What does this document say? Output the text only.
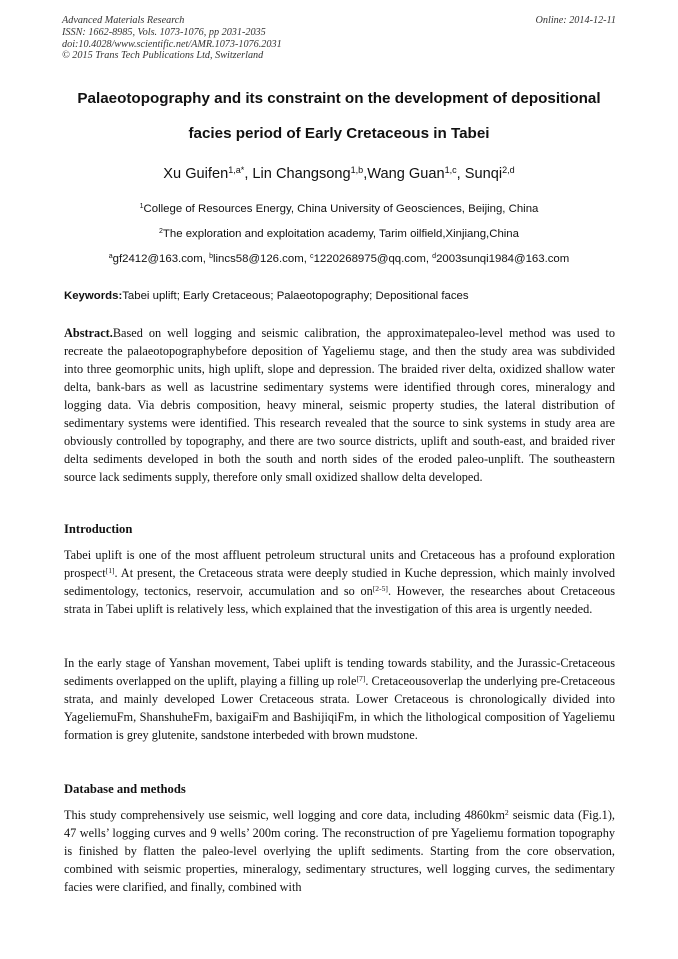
Advanced Materials Research
ISSN: 1662-8985, Vols. 1073-1076, pp 2031-2035
doi:10.4028/www.scientific.net/AMR.1073-1076.2031
© 2015 Trans Tech Publications Ltd, Switzerland
Online: 2014-12-11
Palaeotopography and its constraint on the development of depositional
facies period of Early Cretaceous in Tabei
Xu Guifen$^{1,a*}$, Lin Changsong$^{1,b}$,Wang Guan$^{1,c}$, Sunqi$^{2,d}$
$^1$College of Resources Energy, China University of Geosciences, Beijing, China
$^2$The exploration and exploitation academy, Tarim oilfield,Xinjiang,China
$^a$gf2412@163.com, $^b$lincs58@126.com, $^c$1220268975@qq.com, $^d$2003sunqi1984@163.com
Keywords:Tabei uplift; Early Cretaceous; Palaeotopography; Depositional faces
Abstract.Based on well logging and seismic calibration, the approximatepaleo-level method was used to recreate the palaeotopographybefore deposition of Yageliemu stage, and then the study area was subdivided into three geomorphic units, high uplift, slope and depression. The braided river delta, oxidized shallow water delta, bank-bars as well as lacustrine sedimentary systems were identified through cores, mineralogy and logging data. Via debris composition, heavy mineral, seismic property studies, the lateral distribution of sedimentary systems were identified. This research revealed that the source to sink systems in study area are obviously controlled by topography, and there are two source districts, uplift and south-east, and braided river delta sediments developed in both the south and north sides of the eroded paleo-unplift. The southeastern source lack sediments supply, therefore only small oxidized shallow delta developed.
Introduction
Tabei uplift is one of the most affluent petroleum structural units and Cretaceous has a profound exploration prospect[1]. At present, the Cretaceous strata were deeply studied in Kuche depression, which mainly involved sedimentology, tectonics, reservoir, accumulation and so on[2-5]. However, the researches about Cretaceous strata in Tabei uplift is relatively less, which explained that the investigation of this area is urgently needed.
In the early stage of Yanshan movement, Tabei uplift is tending towards stability, and the Jurassic-Cretaceous sediments overlapped on the uplift, playing a filling up role[7]. Cretaceousoverlap the underlying pre-Cretaceous strata, and mainly developed Lower Cretaceous strata. Lower Cretaceous is chronologically divided into YageliemuFm, ShanshuheFm, baxigaiFm and BashijiqiFm, in which the lithological composition of Yageliemu formation is grey glutenite, sandstone interbeded with brown mudstone.
Database and methods
This study comprehensively use seismic, well logging and core data, including $4860km^2$ seismic data (Fig.1), 47 wells’ logging curves and 9 wells’ 200m coring. The reconstruction of pre Yageliemu formation topography is finished by flatten the paleo-level overlying the uplift sediments. Starting from the core observation, combined with seismic properties, mineralogy, sedimentary structures, well logging curves, the sedimentary facies were clarified, and finally, combined with
